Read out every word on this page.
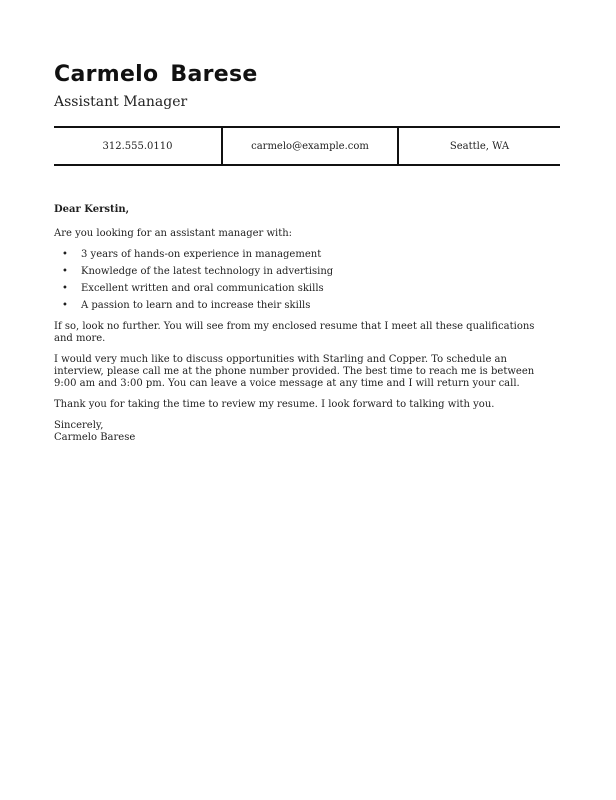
Carmelo Barese
Assistant Manager
312.555.0110	carmelo@example.com	Seattle, WA

Dear Kerstin,

Are you looking for an assistant manager with:

• 3 years of hands-on experience in management
• Knowledge of the latest technology in advertising
• Excellent written and oral communication skills
• A passion to learn and to increase their skills

If so, look no further. You will see from my enclosed resume that I meet all these qualifications and more.

I would very much like to discuss opportunities with Starling and Copper. To schedule an interview, please call me at the phone number provided. The best time to reach me is between 9:00 am and 3:00 pm. You can leave a voice message at any time and I will return your call.

Thank you for taking the time to review my resume. I look forward to talking with you.

Sincerely,
Carmelo Barese
